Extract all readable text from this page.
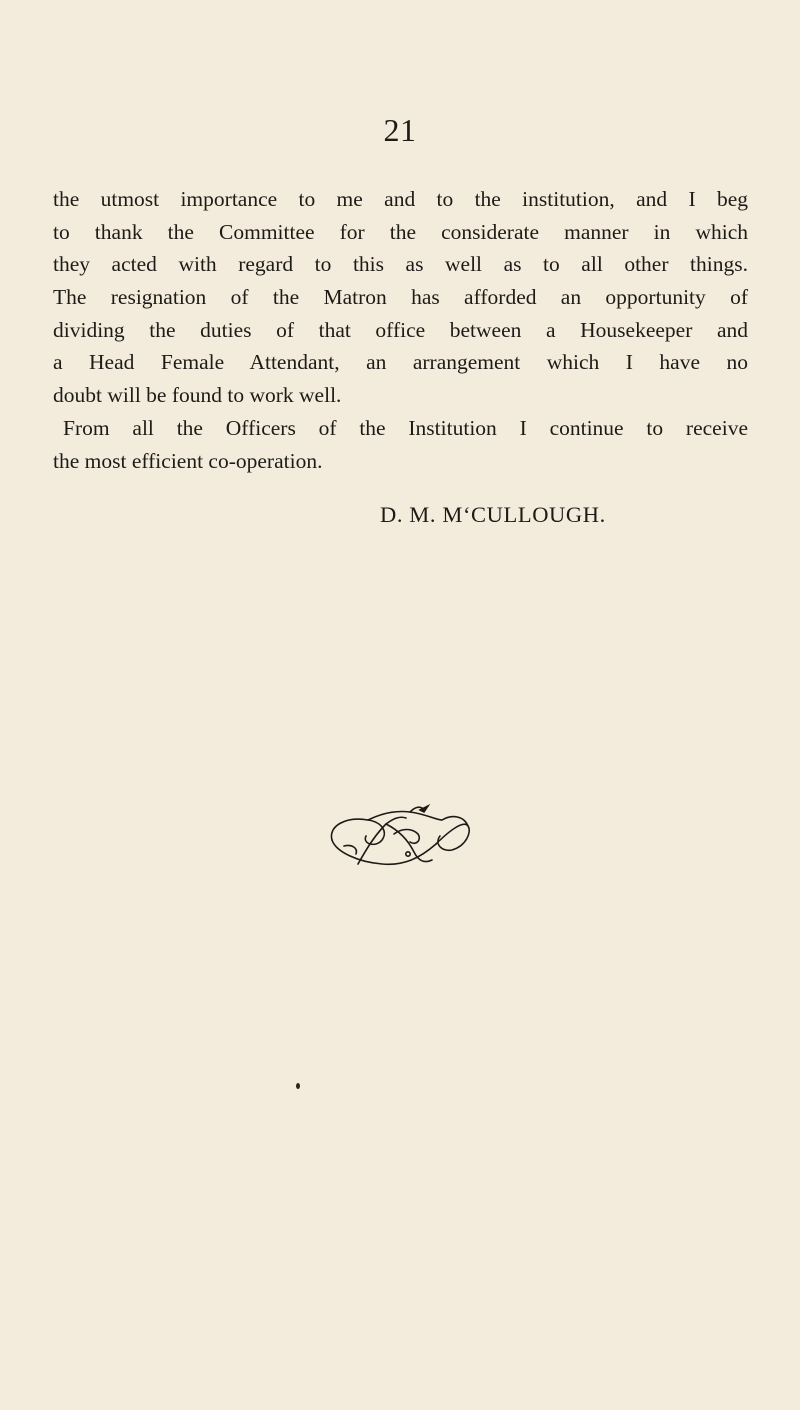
21
the utmost importance to me and to the institution, and I beg
to thank the Committee for the considerate manner in which
they acted with regard to this as well as to all other things.
The resignation of the Matron has afforded an opportunity of
dividing the duties of that office between a Housekeeper and
a Head Female Attendant, an arrangement which I have no
doubt will be found to work well.
From all the Officers of the Institution I continue to receive
the most efficient co-operation.
D. M. M‘CULLOUGH.
